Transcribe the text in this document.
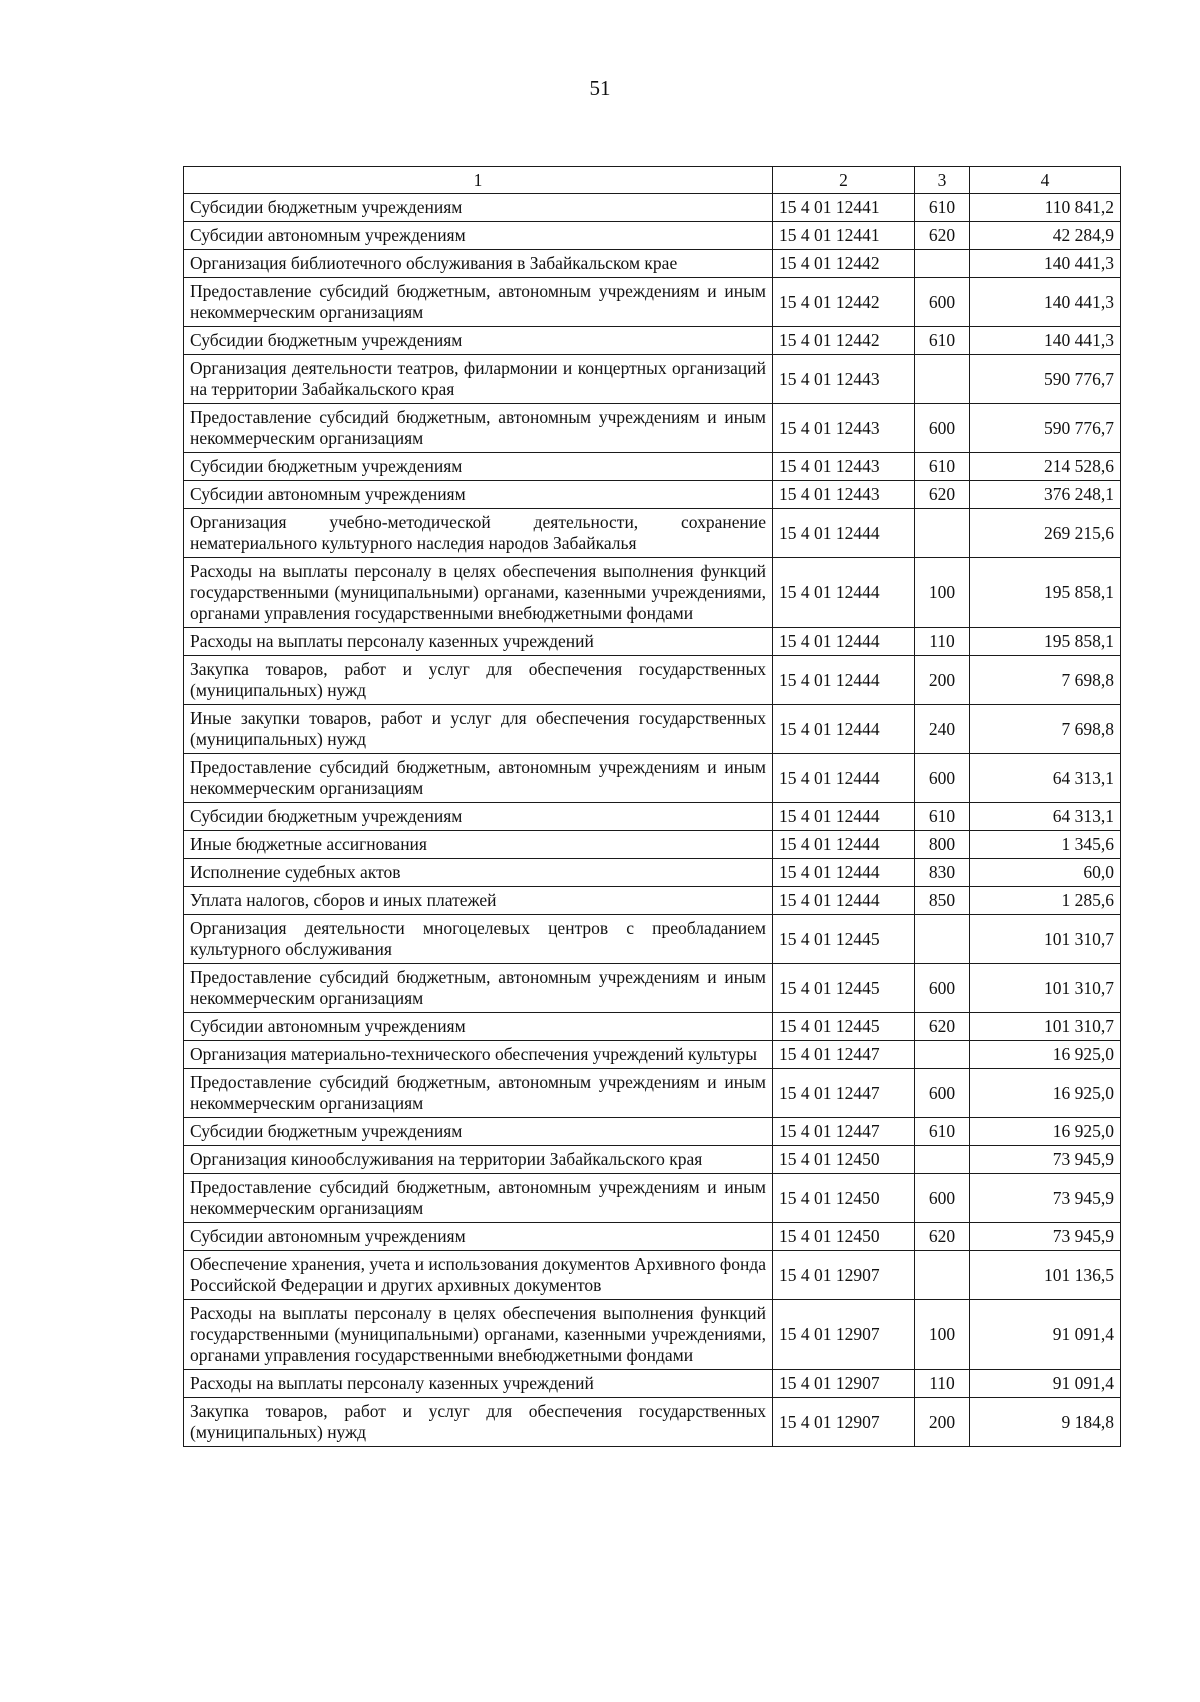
51
1	2	3	4
Субсидии бюджетным учреждениям	15 4 01 12441	610	110 841,2
Субсидии автономным учреждениям	15 4 01 12441	620	42 284,9
Организация библиотечного обслуживания в Забайкальском крае	15 4 01 12442		140 441,3
Предоставление субсидий бюджетным, автономным учреждениям и иным некоммерческим организациям	15 4 01 12442	600	140 441,3
Субсидии бюджетным учреждениям	15 4 01 12442	610	140 441,3
Организация деятельности театров, филармонии и концертных организаций на территории Забайкальского края	15 4 01 12443		590 776,7
Предоставление субсидий бюджетным, автономным учреждениям и иным некоммерческим организациям	15 4 01 12443	600	590 776,7
Субсидии бюджетным учреждениям	15 4 01 12443	610	214 528,6
Субсидии автономным учреждениям	15 4 01 12443	620	376 248,1
Организация учебно-методической деятельности, сохранение нематериального культурного наследия народов Забайкалья	15 4 01 12444		269 215,6
Расходы на выплаты персоналу в целях обеспечения выполнения функций государственными (муниципальными) органами, казенными учреждениями, органами управления государственными внебюджетными фондами	15 4 01 12444	100	195 858,1
Расходы на выплаты персоналу казенных учреждений	15 4 01 12444	110	195 858,1
Закупка товаров, работ и услуг для обеспечения государственных (муниципальных) нужд	15 4 01 12444	200	7 698,8
Иные закупки товаров, работ и услуг для обеспечения государственных (муниципальных) нужд	15 4 01 12444	240	7 698,8
Предоставление субсидий бюджетным, автономным учреждениям и иным некоммерческим организациям	15 4 01 12444	600	64 313,1
Субсидии бюджетным учреждениям	15 4 01 12444	610	64 313,1
Иные бюджетные ассигнования	15 4 01 12444	800	1 345,6
Исполнение судебных актов	15 4 01 12444	830	60,0
Уплата налогов, сборов и иных платежей	15 4 01 12444	850	1 285,6
Организация деятельности многоцелевых центров с преобладанием культурного обслуживания	15 4 01 12445		101 310,7
Предоставление субсидий бюджетным, автономным учреждениям и иным некоммерческим организациям	15 4 01 12445	600	101 310,7
Субсидии автономным учреждениям	15 4 01 12445	620	101 310,7
Организация материально-технического обеспечения учреждений культуры	15 4 01 12447		16 925,0
Предоставление субсидий бюджетным, автономным учреждениям и иным некоммерческим организациям	15 4 01 12447	600	16 925,0
Субсидии бюджетным учреждениям	15 4 01 12447	610	16 925,0
Организация кинообслуживания на территории Забайкальского края	15 4 01 12450		73 945,9
Предоставление субсидий бюджетным, автономным учреждениям и иным некоммерческим организациям	15 4 01 12450	600	73 945,9
Субсидии автономным учреждениям	15 4 01 12450	620	73 945,9
Обеспечение хранения, учета и использования документов Архивного фонда Российской Федерации и других архивных документов	15 4 01 12907		101 136,5
Расходы на выплаты персоналу в целях обеспечения выполнения функций государственными (муниципальными) органами, казенными учреждениями, органами управления государственными внебюджетными фондами	15 4 01 12907	100	91 091,4
Расходы на выплаты персоналу казенных учреждений	15 4 01 12907	110	91 091,4
Закупка товаров, работ и услуг для обеспечения государственных (муниципальных) нужд	15 4 01 12907	200	9 184,8
